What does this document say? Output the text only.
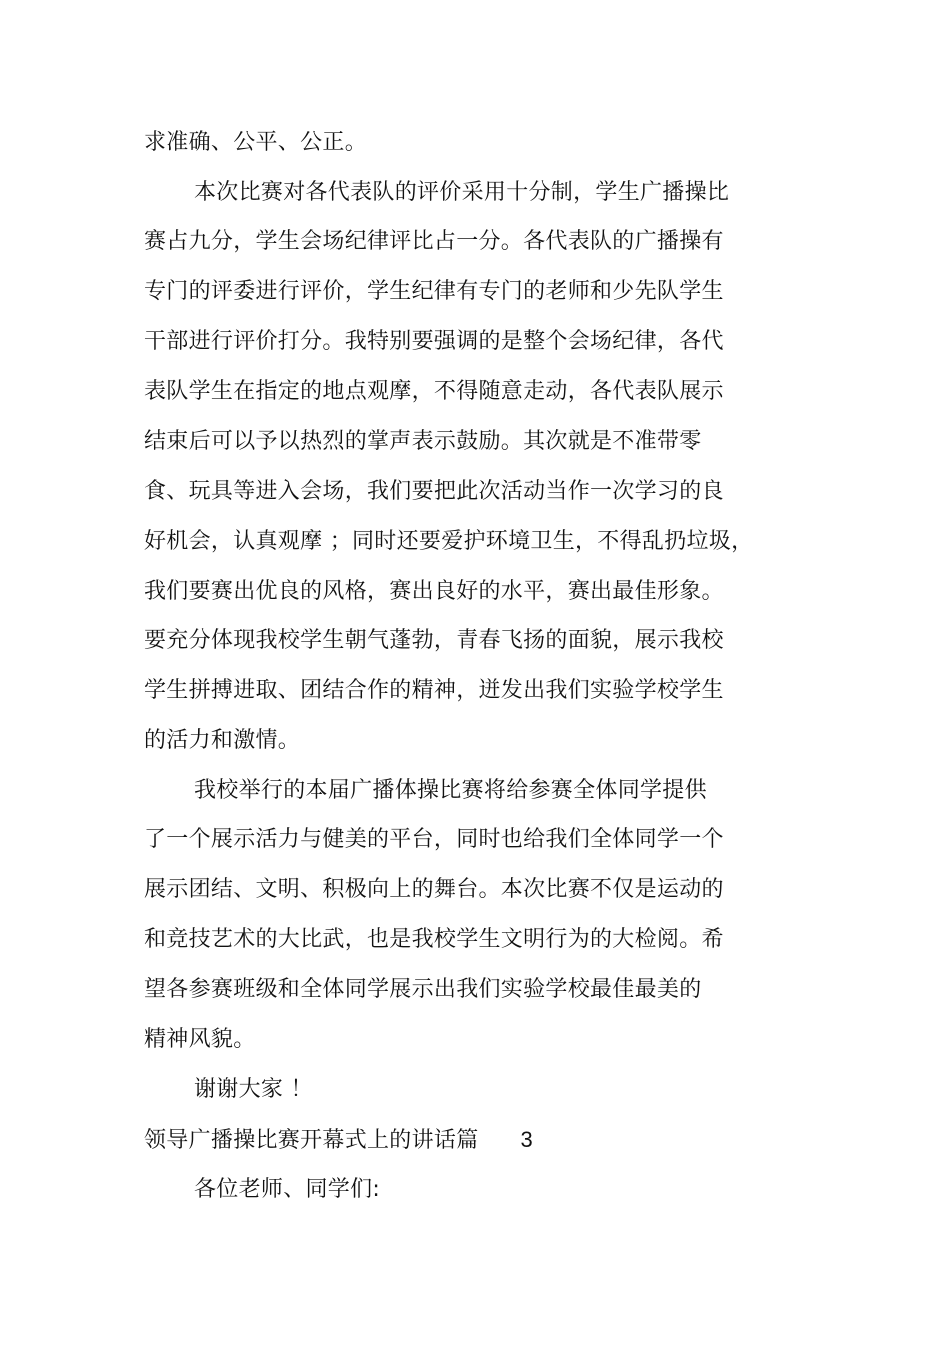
求准确、公平、公正。
本次比赛对各代表队的评价采用十分制，学生广播操比
赛占九分，学生会场纪律评比占一分。各代表队的广播操有
专门的评委进行评价，学生纪律有专门的老师和少先队学生
干部进行评价打分。我特别要强调的是整个会场纪律，各代
表队学生在指定的地点观摩，不得随意走动，各代表队展示
结束后可以予以热烈的掌声表示鼓励。其次就是不准带零
食、玩具等进入会场，我们要把此次活动当作一次学习的良
好机会，认真观摩 ；同时还要爱护环境卫生，不得乱扔垃圾，
我们要赛出优良的风格，赛出良好的水平，赛出最佳形象。
要充分体现我校学生朝气蓬勃，青春飞扬的面貌，展示我校
学生拼搏进取、团结合作的精神，迸发出我们实验学校学生
的活力和激情。
我校举行的本届广播体操比赛将给参赛全体同学提供
了一个展示活力与健美的平台，同时也给我们全体同学一个
展示团结、文明、积极向上的舞台。本次比赛不仅是运动的
和竞技艺术的大比武，也是我校学生文明行为的大检阅。希
望各参赛班级和全体同学展示出我们实验学校最佳最美的
精神风貌。
谢谢大家 ！
领导广播操比赛开幕式上的讲话篇 3
各位老师、同学们:
